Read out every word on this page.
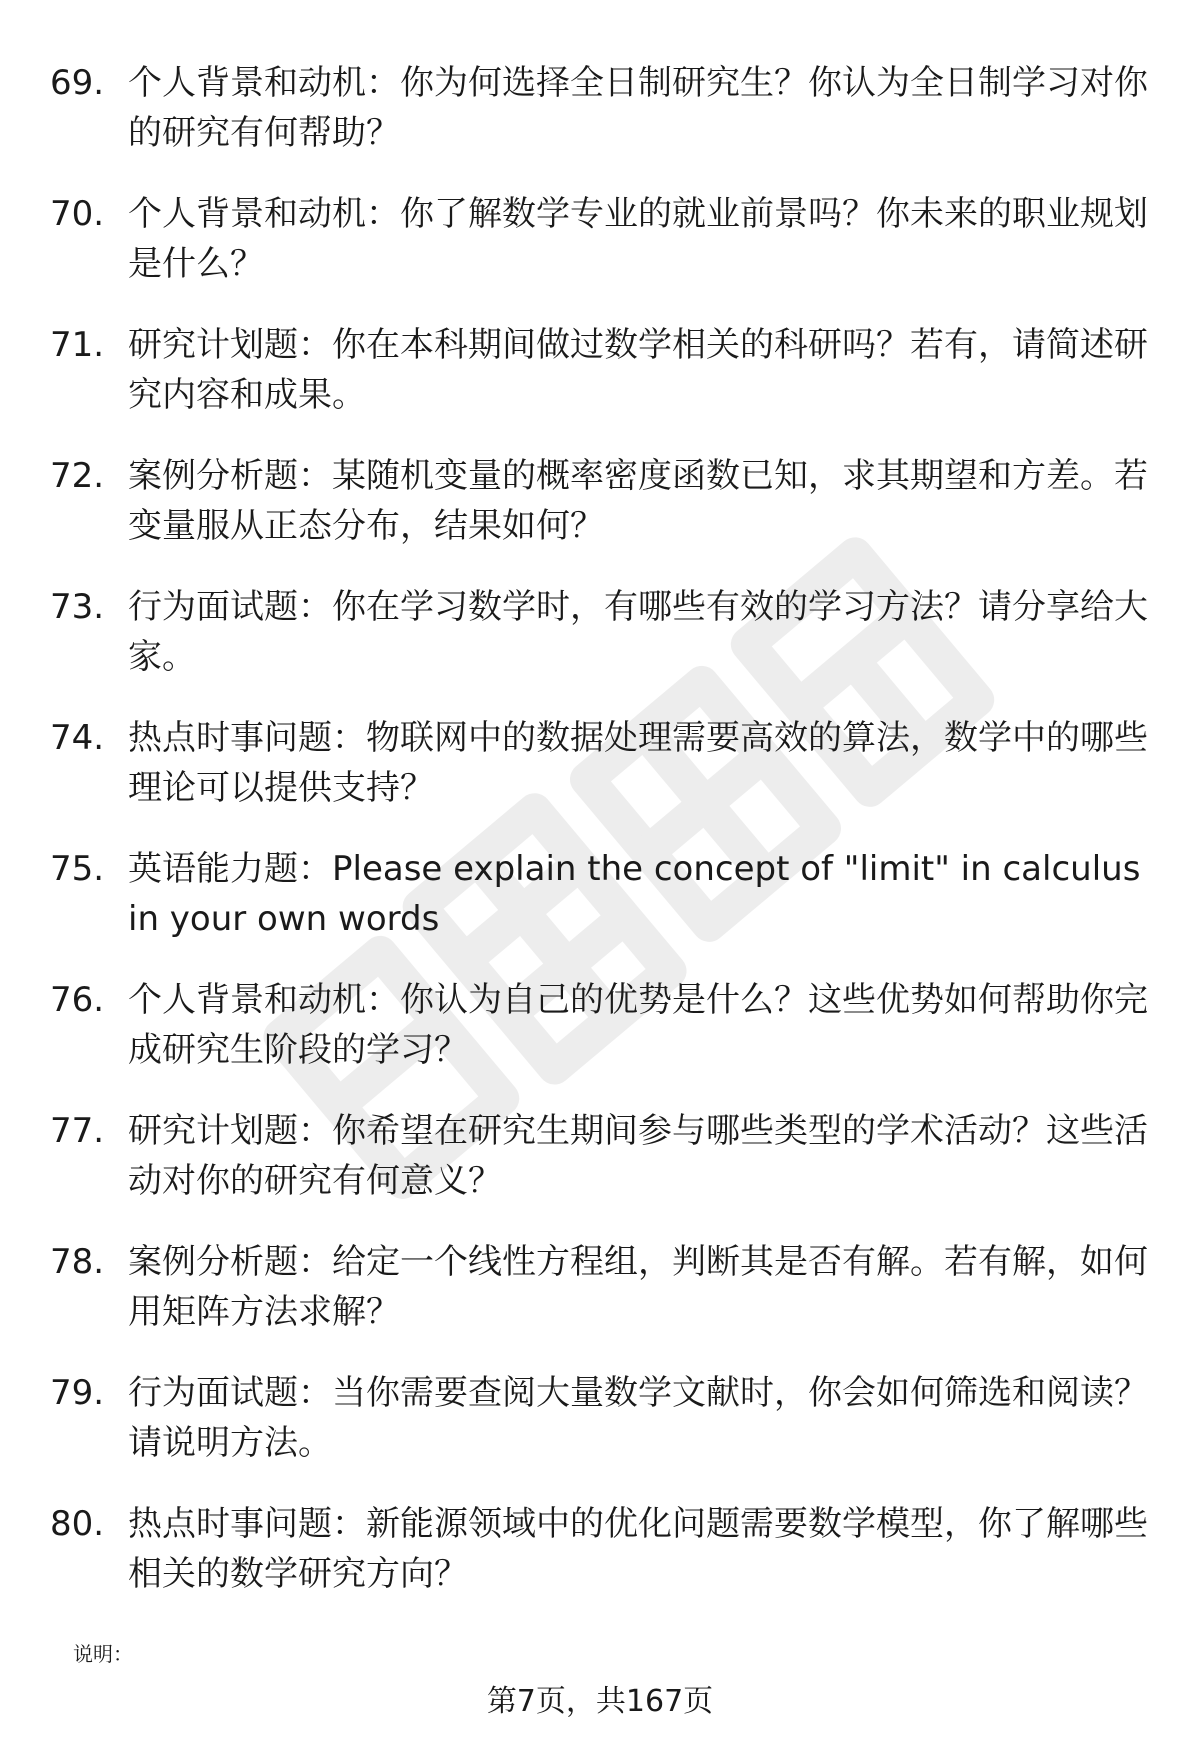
69. 个人背景和动机：你为何选择全日制研究生？你认为全日制学习对你的研究有何帮助？
70. 个人背景和动机：你了解数学专业的就业前景吗？你未来的职业规划是什么？
71. 研究计划题：你在本科期间做过数学相关的科研吗？若有，请简述研究内容和成果。
72. 案例分析题：某随机变量的概率密度函数已知，求其期望和方差。若变量服从正态分布，结果如何？
73. 行为面试题：你在学习数学时，有哪些有效的学习方法？请分享给大家。
74. 热点时事问题：物联网中的数据处理需要高效的算法，数学中的哪些理论可以提供支持？
75. 英语能力题：Please explain the concept of "limit" in calculus in your own words
76. 个人背景和动机：你认为自己的优势是什么？这些优势如何帮助你完成研究生阶段的学习？
77. 研究计划题：你希望在研究生期间参与哪些类型的学术活动？这些活动对你的研究有何意义？
78. 案例分析题：给定一个线性方程组，判断其是否有解。若有解，如何用矩阵方法求解？
79. 行为面试题：当你需要查阅大量数学文献时，你会如何筛选和阅读？请说明方法。
80. 热点时事问题：新能源领域中的优化问题需要数学模型，你了解哪些相关的数学研究方向？
说明：
第7页，共167页
